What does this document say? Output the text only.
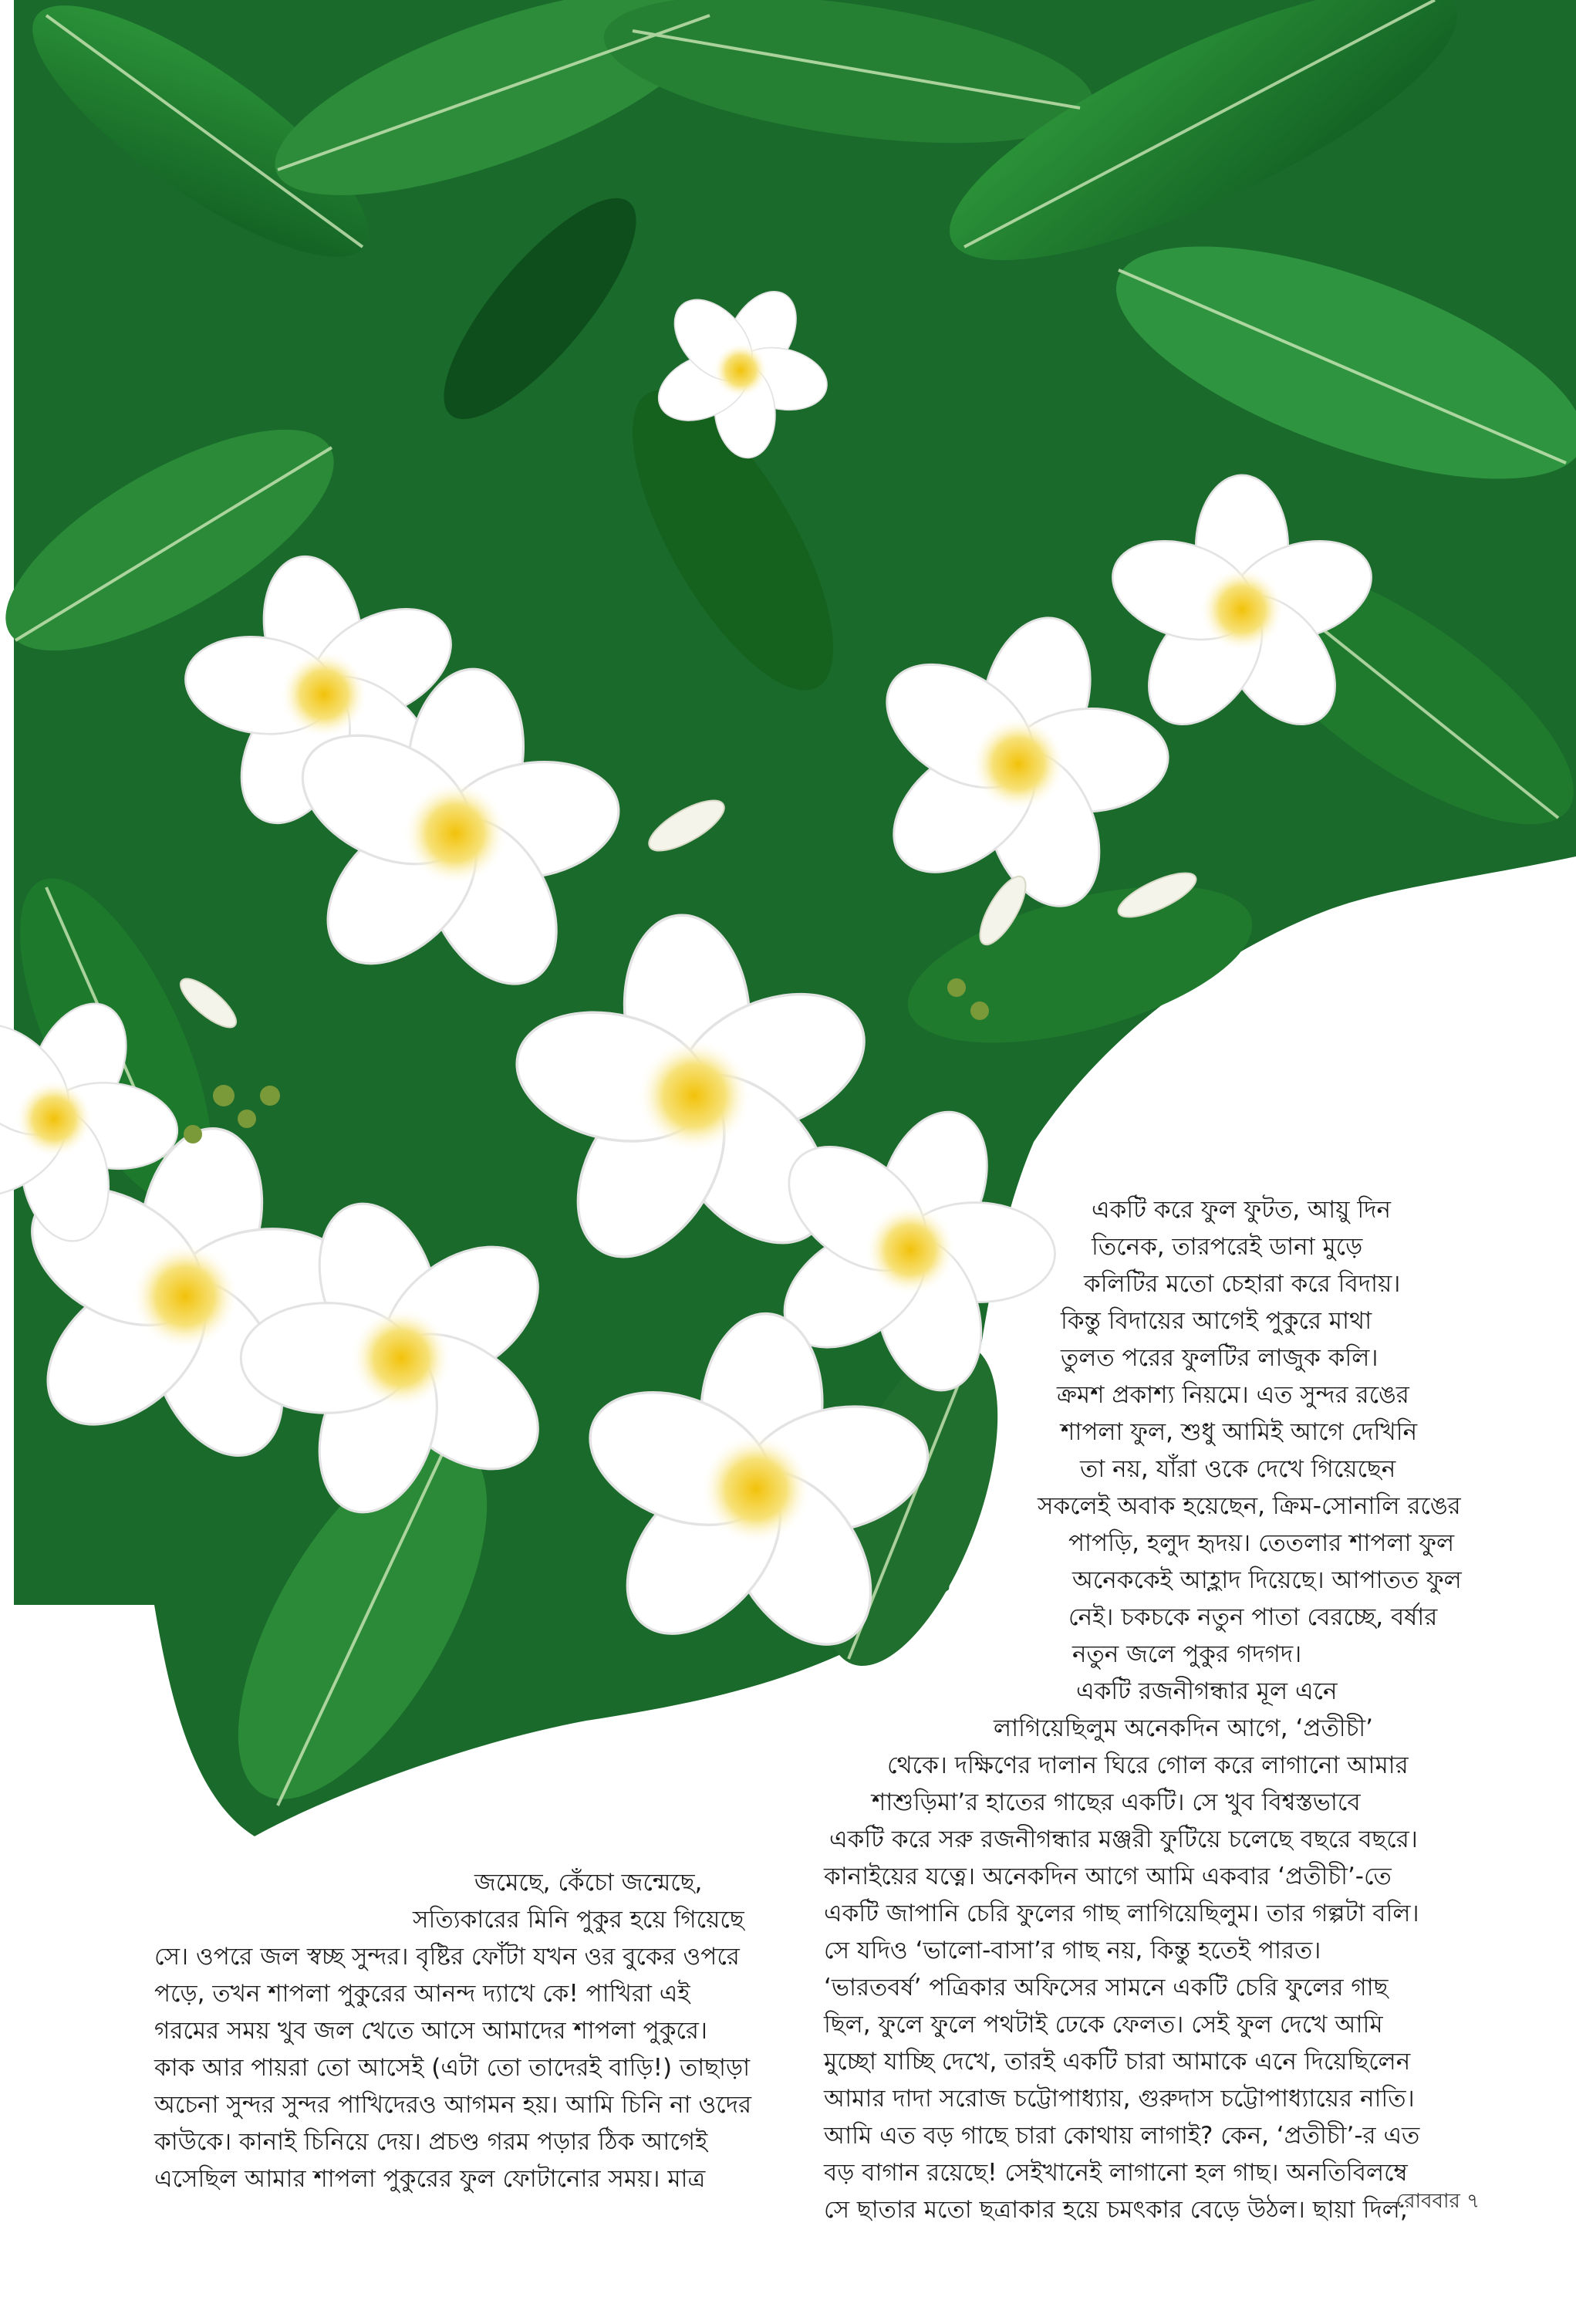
একটি করে ফুল ফুটত, আয়ু দিন
তিনেক, তারপরেই ডানা মুড়ে
কলিটির মতো চেহারা করে বিদায়।
কিন্তু বিদায়ের আগেই পুকুরে মাথা
তুলত পরের ফুলটির লাজুক কলি।
ক্রমশ প্রকাশ্য নিয়মে। এত সুন্দর রঙের
শাপলা ফুল, শুধু আমিই আগে দেখিনি
তা নয়, যাঁরা ওকে দেখে গিয়েছেন
সকলেই অবাক হয়েছেন, ক্রিম-সোনালি রঙের
পাপড়ি, হলুদ হৃদয়। তেতলার শাপলা ফুল
অনেককেই আহ্লাদ দিয়েছে। আপাতত ফুল
নেই। চকচকে নতুন পাতা বেরচ্ছে, বর্ষার
নতুন জলে পুকুর গদগদ।
একটি রজনীগন্ধার মূল এনে
লাগিয়েছিলুম অনেকদিন আগে, ‘প্রতীচী’
থেকে। দক্ষিণের দালান ঘিরে গোল করে লাগানো আমার
শাশুড়িমা’র হাতের গাছের একটি। সে খুব বিশ্বস্তভাবে
একটি করে সরু রজনীগন্ধার মঞ্জরী ফুটিয়ে চলেছে বছরে বছরে।
কানাইয়ের যত্নে। অনেকদিন আগে আমি একবার ‘প্রতীচী’-তে
একটি জাপানি চেরি ফুলের গাছ লাগিয়েছিলুম। তার গল্পটা বলি।
সে যদিও ‘ভালো-বাসা’র গাছ নয়, কিন্তু হতেই পারত।
‘ভারতবর্ষ’ পত্রিকার অফিসের সামনে একটি চেরি ফুলের গাছ
ছিল, ফুলে ফুলে পথটাই ঢেকে ফেলত। সেই ফুল দেখে আমি
মুচ্ছো যাচ্ছি দেখে, তারই একটি চারা আমাকে এনে দিয়েছিলেন
আমার দাদা সরোজ চট্টোপাধ্যায়, গুরুদাস চট্টোপাধ্যায়ের নাতি।
আমি এত বড় গাছে চারা কোথায় লাগাই? কেন, ‘প্রতীচী’-র এত
বড় বাগান রয়েছে! সেইখানেই লাগানো হল গাছ। অনতিবিলম্বে
সে ছাতার মতো ছত্রাকার হয়ে চমৎকার বেড়ে উঠল। ছায়া দিল,
জমেছে, কেঁচো জন্মেছে,
সত্যিকারের মিনি পুকুর হয়ে গিয়েছে
সে। ওপরে জল স্বচ্ছ সুন্দর। বৃষ্টির ফোঁটা যখন ওর বুকের ওপরে
পড়ে, তখন শাপলা পুকুরের আনন্দ দ্যাখে কে! পাখিরা এই
গরমের সময় খুব জল খেতে আসে আমাদের শাপলা পুকুরে।
কাক আর পায়রা তো আসেই (এটা তো তাদেরই বাড়ি!) তাছাড়া
অচেনা সুন্দর সুন্দর পাখিদেরও আগমন হয়। আমি চিনি না ওদের
কাউকে। কানাই চিনিয়ে দেয়। প্রচণ্ড গরম পড়ার ঠিক আগেই
এসেছিল আমার শাপলা পুকুরের ফুল ফোটানোর সময়। মাত্র
রোববার ৭
